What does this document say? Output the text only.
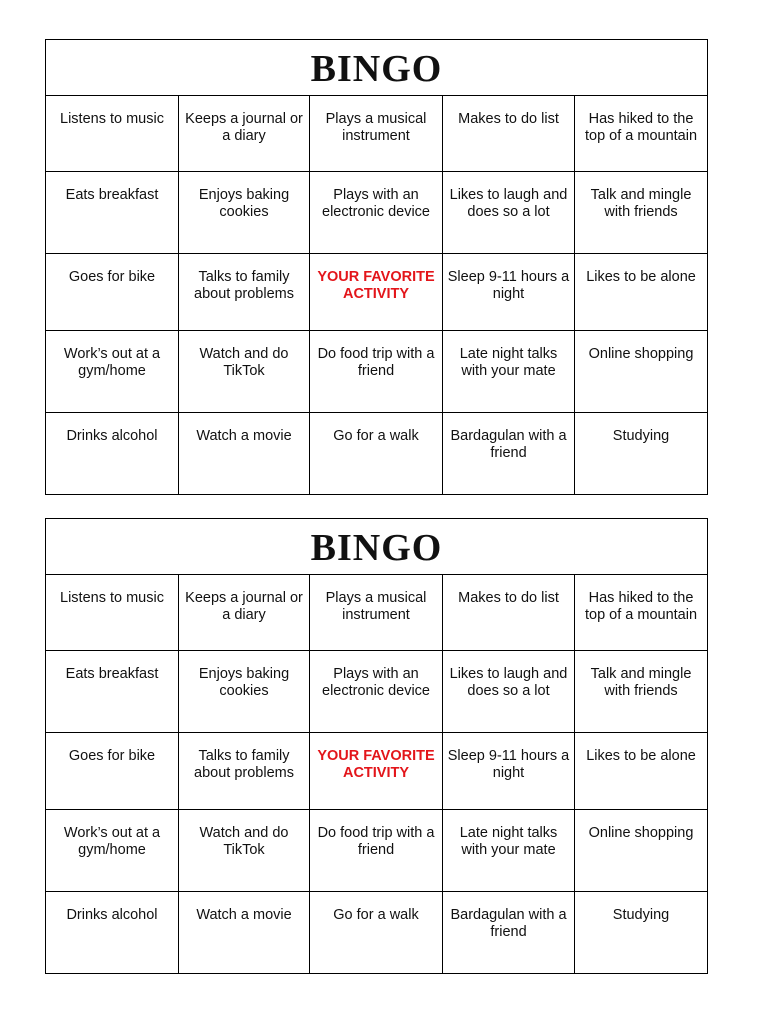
BINGO				
Listens to music	Keeps a journal or a diary	Plays a musical instrument	Makes to do list	Has hiked to the top of a mountain
Eats breakfast	Enjoys baking cookies	Plays with an electronic device	Likes to laugh and does so a lot	Talk and mingle with friends
Goes for bike	Talks to family about problems	YOUR FAVORITE ACTIVITY	Sleep 9-11 hours a night	Likes to be alone
Work’s out at a gym/home	Watch and do TikTok	Do food trip with a friend	Late night talks with your mate	Online shopping
Drinks alcohol	Watch a movie	Go for a walk	Bardagulan with a friend	Studying
BINGO				
Listens to music	Keeps a journal or a diary	Plays a musical instrument	Makes to do list	Has hiked to the top of a mountain
Eats breakfast	Enjoys baking cookies	Plays with an electronic device	Likes to laugh and does so a lot	Talk and mingle with friends
Goes for bike	Talks to family about problems	YOUR FAVORITE ACTIVITY	Sleep 9-11 hours a night	Likes to be alone
Work’s out at a gym/home	Watch and do TikTok	Do food trip with a friend	Late night talks with your mate	Online shopping
Drinks alcohol	Watch a movie	Go for a walk	Bardagulan with a friend	Studying
